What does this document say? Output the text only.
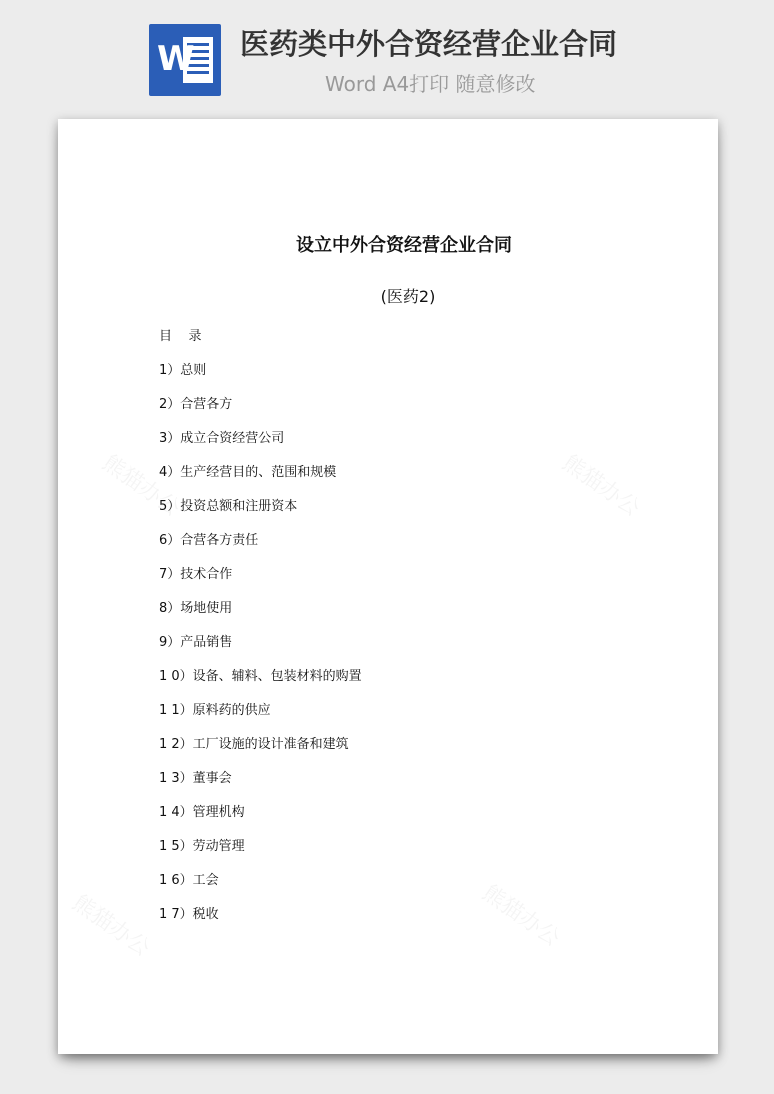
W 医药类中外合资经营企业合同
Word A4打印 随意修改
设立中外合资经营企业合同
(医药2)
目    录
1）总则
2）合营各方
3）成立合资经营公司
4）生产经营目的、范围和规模
5）投资总额和注册资本
6）合营各方责任
7）技术合作
8）场地使用
9）产品销售
1 0）设备、辅料、包装材料的购置
1 1）原料药的供应
1 2）工厂设施的设计准备和建筑
1 3）董事会
1 4）管理机构
1 5）劳动管理
1 6）工会
1 7）税收
